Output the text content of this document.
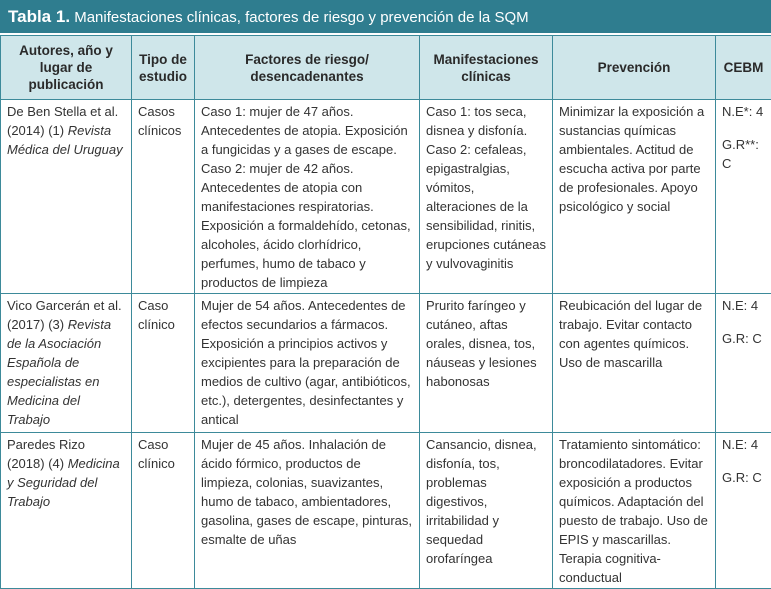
Tabla 1. Manifestaciones clínicas, factores de riesgo y prevención de la SQM
Autores, año y lugar de publicación	Tipo de estudio	Factores de riesgo/ desencadenantes	Manifestaciones clínicas	Prevención	CEBM
De Ben Stella et al. (2014) (1) Revista Médica del Uruguay	Casos clínicos	Caso 1: mujer de 47 años. Antecedentes de atopia. Exposición a fungicidas y a gases de escape. Caso 2: mujer de 42 años. Antecedentes de atopia con manifestaciones respiratorias. Exposición a formaldehído, cetonas, alcoholes, ácido clorhídrico, perfumes, humo de tabaco y productos de limpieza	Caso 1: tos seca, disnea y disfonía. Caso 2: cefaleas, epigastralgias, vómitos, alteraciones de la sensibilidad, rinitis, erupciones cutáneas y vulvovaginitis	Minimizar la exposición a sustancias químicas ambientales. Actitud de escucha activa por parte de profesionales. Apoyo psicológico y social	N.E*: 4
G.R**: C

Vico Garcerán et al. (2017) (3) Revista de la Asociación Española de especialistas en Medicina del Trabajo	Caso clínico	Mujer de 54 años. Antecedentes de efectos secundarios a fármacos. Exposición a principios activos y excipientes para la preparación de medios de cultivo (agar, antibióticos, etc.), detergentes, desinfectantes y antical	Prurito faríngeo y cutáneo, aftas orales, disnea, tos, náuseas y lesiones habonosas	Reubicación del lugar de trabajo. Evitar contacto con agentes químicos. Uso de mascarilla	N.E: 4
G.R: C

Paredes Rizo (2018) (4) Medicina y Seguridad del Trabajo	Caso clínico	Mujer de 45 años. Inhalación de ácido fórmico, productos de limpieza, colonias, suavizantes, humo de tabaco, ambientadores, gasolina, gases de escape, pinturas, esmalte de uñas	Cansancio, disnea, disfonía, tos, problemas digestivos, irritabilidad y sequedad orofaríngea	Tratamiento sintomático: broncodilatadores. Evitar exposición a productos químicos. Adaptación del puesto de trabajo. Uso de EPIS y mascarillas. Terapia cognitiva-conductual	N.E: 4
G.R: C
